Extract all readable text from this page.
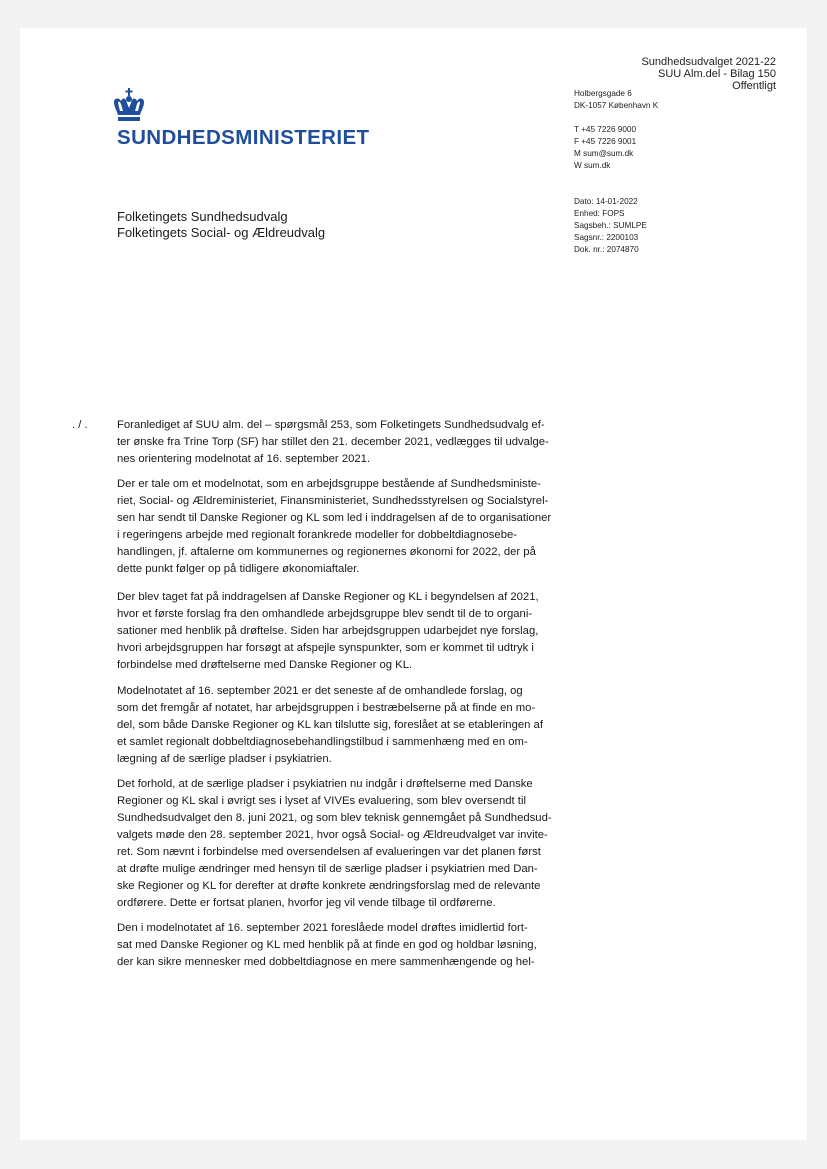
Sundhedsudvalget 2021-22
SUU Alm.del - Bilag 150
Offentligt
SUNDHEDSMINISTERIET
Holbergsgade 6
DK-1057 København K
T +45 7226 9000
F +45 7226 9001
M sum@sum.dk
W sum.dk
Dato: 14-01-2022
Enhed: FOPS
Sagsbeh.: SUMLPE
Sagsnr.: 2200103
Dok. nr.: 2074870
Folketingets Sundhedsudvalg
Folketingets Social- og Ældreudvalg
. / .	Foranlediget af SUU alm. del – spørgsmål 253, som Folketingets Sundhedsudvalg ef-
ter ønske fra Trine Torp (SF) har stillet den 21. december 2021, vedlægges til udvalge-
nes orientering modelnotat af 16. september 2021.
Der er tale om et modelnotat, som en arbejdsgruppe bestående af Sundhedsministe-
riet, Social- og Ældreministeriet, Finansministeriet, Sundhedsstyrelsen og Socialstyrel-
sen har sendt til Danske Regioner og KL som led i inddragelsen af de to organisationer
i regeringens arbejde med regionalt forankrede modeller for dobbeltdiagnosebe-
handlingen, jf. aftalerne om kommunernes og regionernes økonomi for 2022, der på
dette punkt følger op på tidligere økonomiaftaler.
Der blev taget fat på inddragelsen af Danske Regioner og KL i begyndelsen af 2021,
hvor et første forslag fra den omhandlede arbejdsgruppe blev sendt til de to organi-
sationer med henblik på drøftelse. Siden har arbejdsgruppen udarbejdet nye forslag,
hvori arbejdsgruppen har forsøgt at afspejle synspunkter, som er kommet til udtryk i
forbindelse med drøftelserne med Danske Regioner og KL.
Modelnotatet af 16. september 2021 er det seneste af de omhandlede forslag, og
som det fremgår af notatet, har arbejdsgruppen i bestræbelserne på at finde en mo-
del, som både Danske Regioner og KL kan tilslutte sig, foreslået at se etableringen af
et samlet regionalt dobbeltdiagnosebehandlingstilbud i sammenhæng med en om-
lægning af de særlige pladser i psykiatrien.
Det forhold, at de særlige pladser i psykiatrien nu indgår i drøftelserne med Danske
Regioner og KL skal i øvrigt ses i lyset af VIVEs evaluering, som blev oversendt til
Sundhedsudvalget den 8. juni 2021, og som blev teknisk gennemgået på Sundhedsud-
valgets møde den 28. september 2021, hvor også Social- og Ældreudvalget var invite-
ret. Som nævnt i forbindelse med oversendelsen af evalueringen var det planen først
at drøfte mulige ændringer med hensyn til de særlige pladser i psykiatrien med Dan-
ske Regioner og KL for derefter at drøfte konkrete ændringsforslag med de relevante
ordførere. Dette er fortsat planen, hvorfor jeg vil vende tilbage til ordførerne.
Den i modelnotatet af 16. september 2021 foreslåede model drøftes imidlertid fort-
sat med Danske Regioner og KL med henblik på at finde en god og holdbar løsning,
der kan sikre mennesker med dobbeltdiagnose en mere sammenhængende og hel-
